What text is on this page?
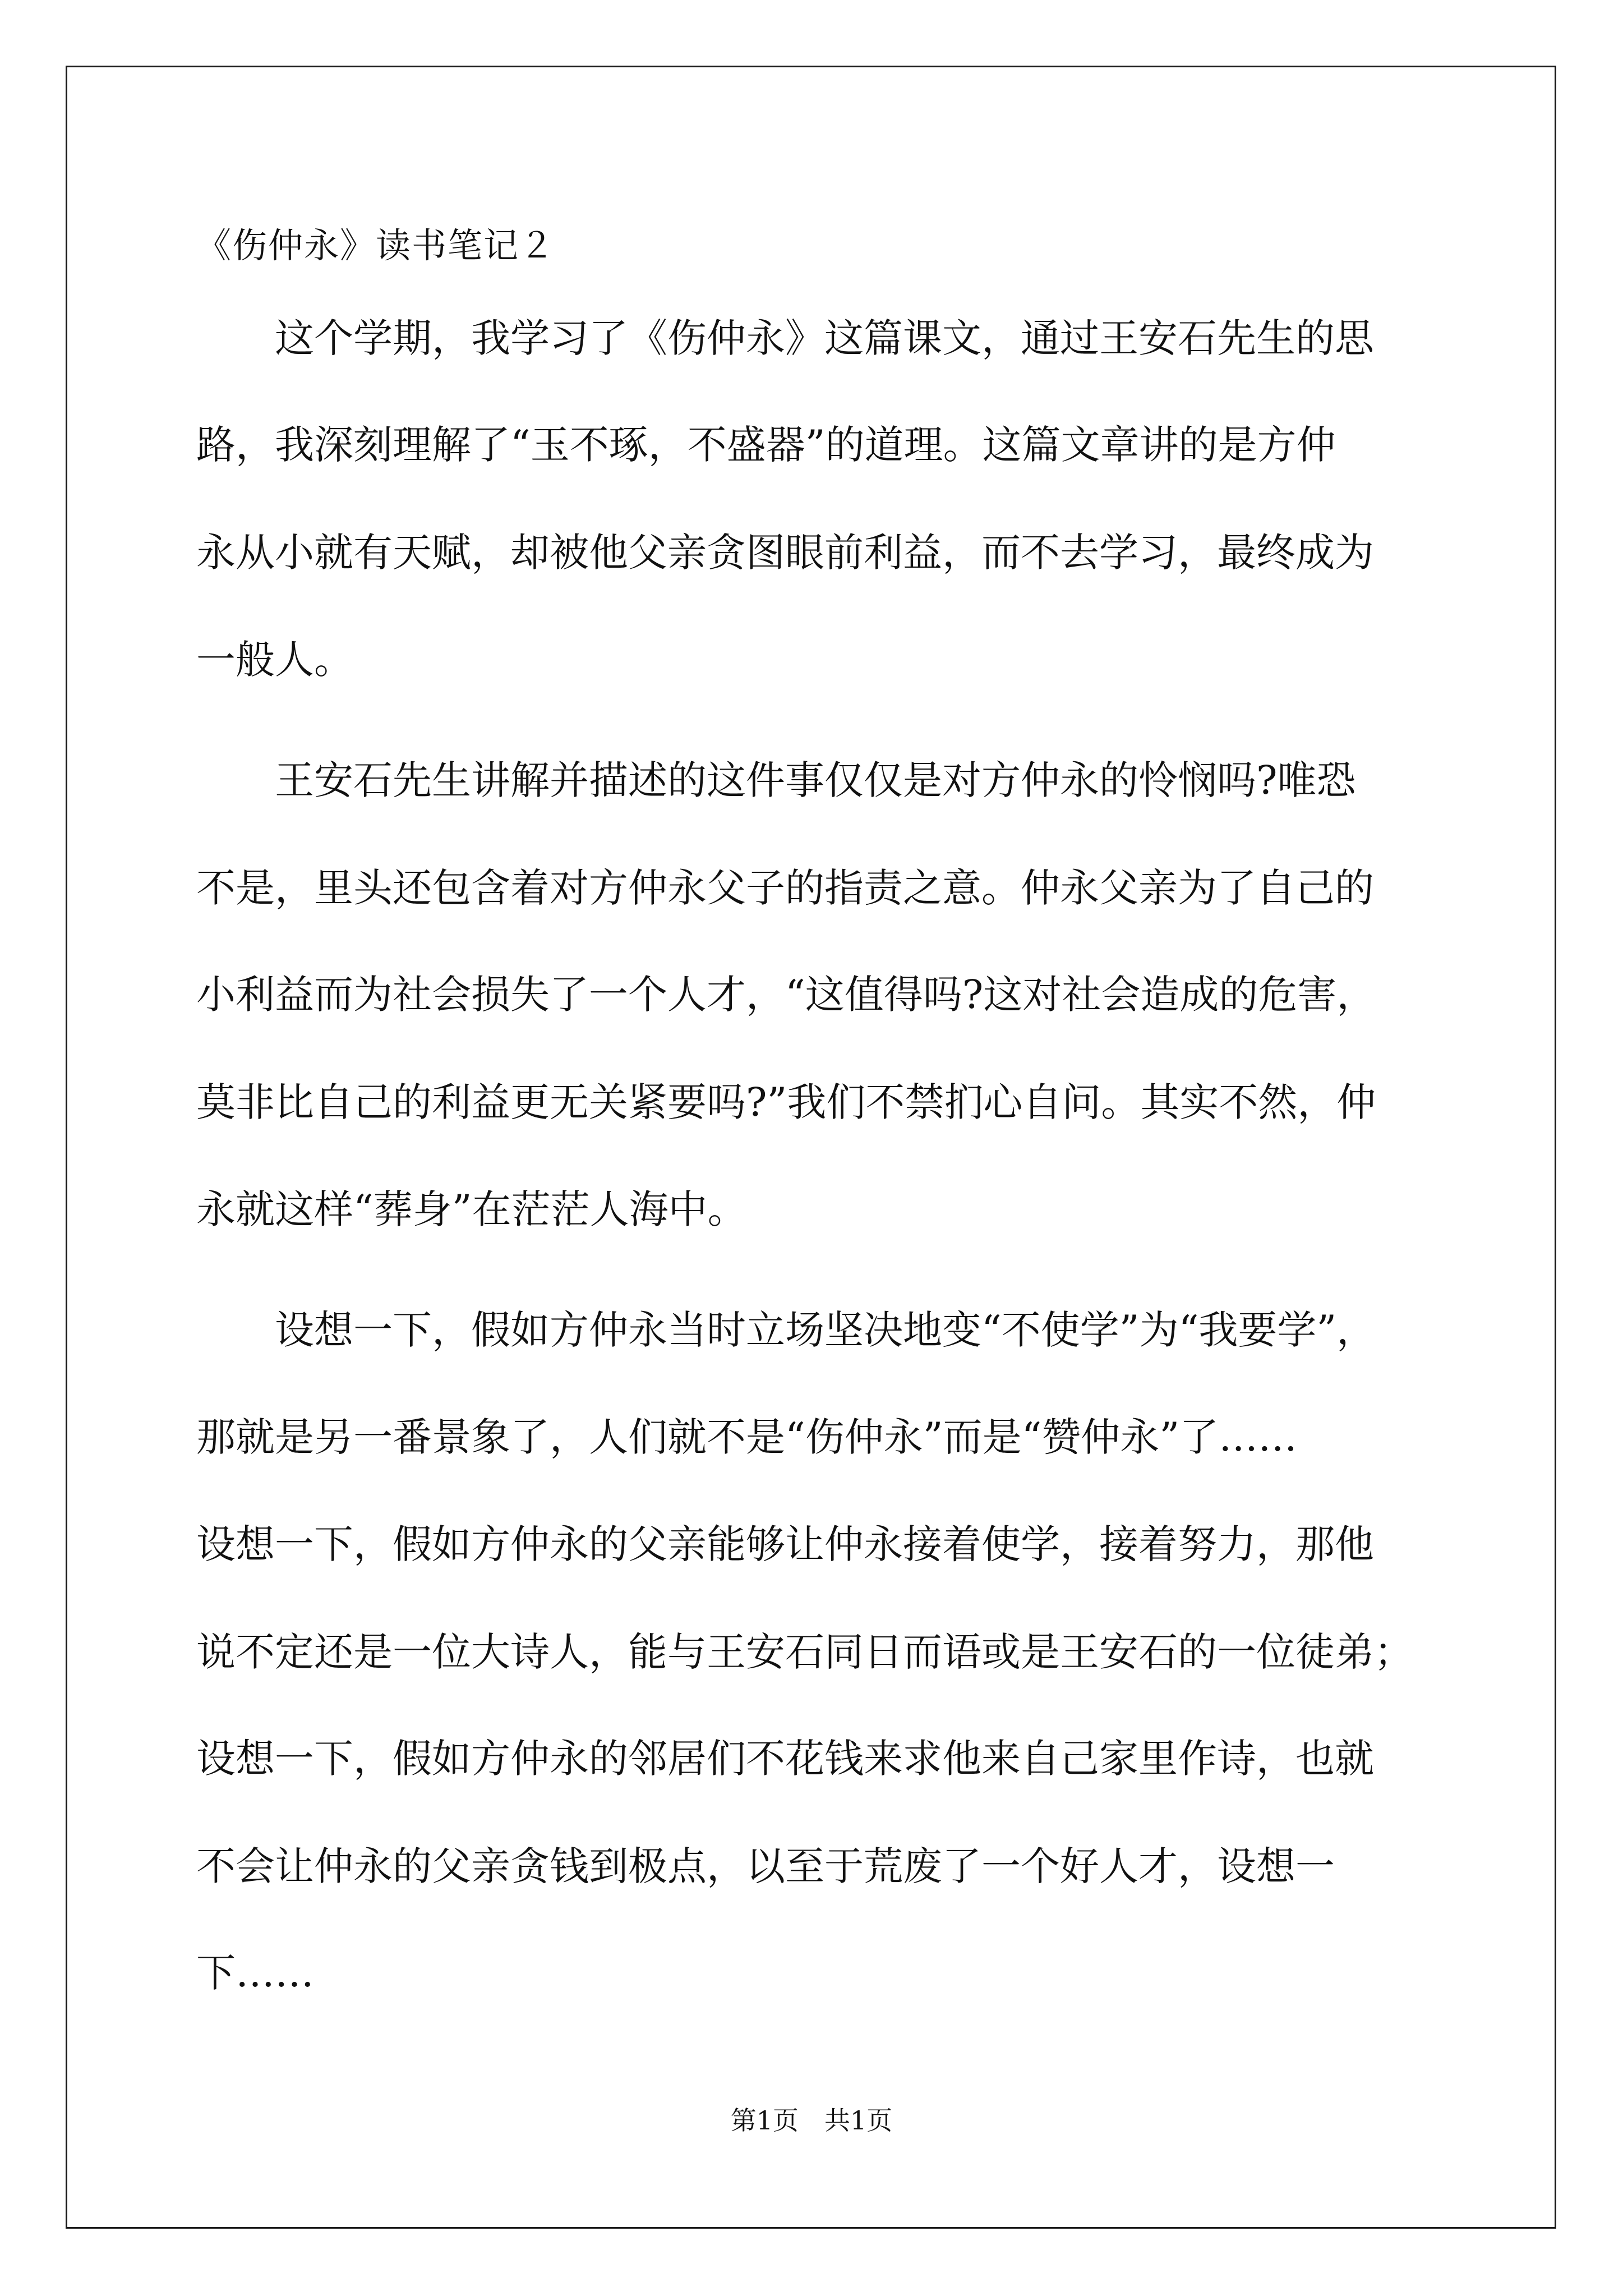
《伤仲永》读书笔记２
　　这个学期，我学习了《伤仲永》这篇课文，通过王安石先生的思
路，我深刻理解了“玉不琢，不盛器”的道理。这篇文章讲的是方仲
永从小就有天赋，却被他父亲贪图眼前利益，而不去学习，最终成为
一般人。
　　王安石先生讲解并描述的这件事仅仅是对方仲永的怜悯吗?唯恐
不是，里头还包含着对方仲永父子的指责之意。仲永父亲为了自己的
小利益而为社会损失了一个人才，“这值得吗?这对社会造成的危害，
莫非比自己的利益更无关紧要吗?”我们不禁扪心自问。其实不然，仲
永就这样“葬身”在茫茫人海中。
　　设想一下，假如方仲永当时立场坚决地变“不使学”为“我要学”，
那就是另一番景象了，人们就不是“伤仲永”而是“赞仲永”了……
设想一下，假如方仲永的父亲能够让仲永接着使学，接着努力，那他
说不定还是一位大诗人，能与王安石同日而语或是王安石的一位徒弟；
设想一下，假如方仲永的邻居们不花钱来求他来自己家里作诗，也就
不会让仲永的父亲贪钱到极点，以至于荒废了一个好人才，设想一
下……
第1页　共1页
